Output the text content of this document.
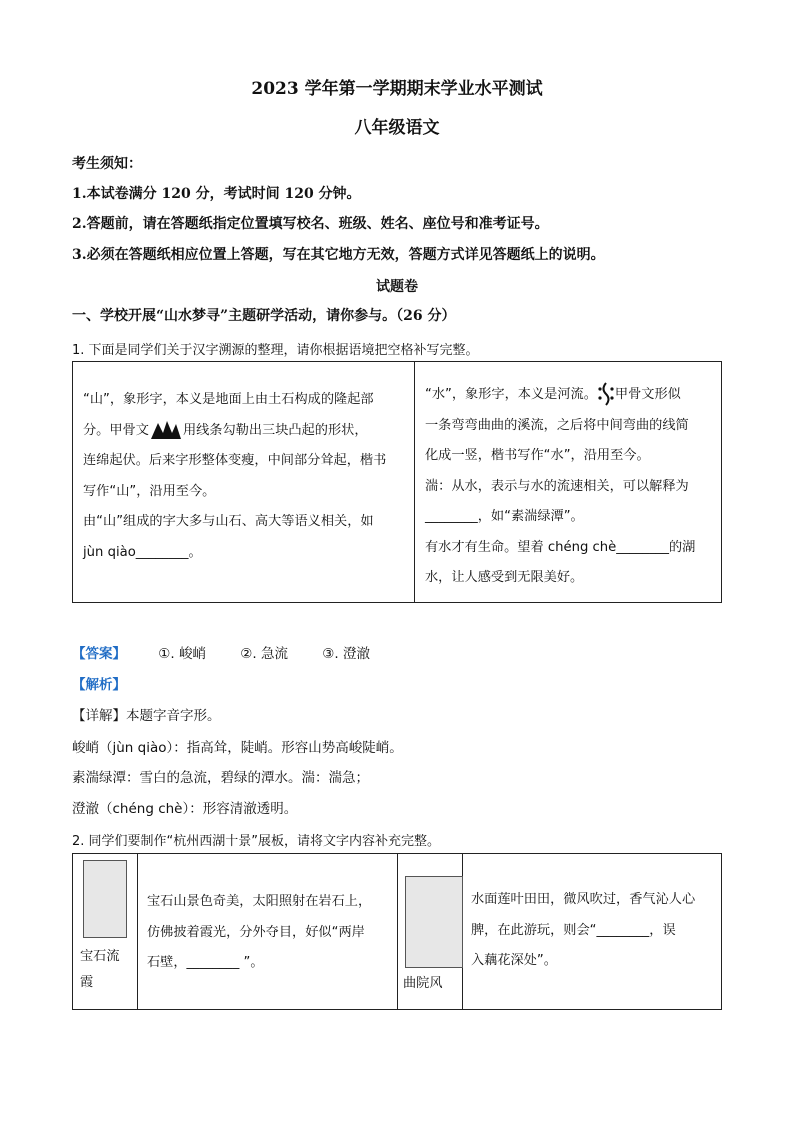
2023 学年第一学期期末学业水平测试
八年级语文
考生须知：
1.本试卷满分 120 分，考试时间 120 分钟。
2.答题前，请在答题纸指定位置填写校名、班级、姓名、座位号和准考证号。
3.必须在答题纸相应位置上答题，写在其它地方无效，答题方式详见答题纸上的说明。
试题卷
一、学校开展“山水梦寻”主题研学活动，请你参与。（26 分）
1. 下面是同学们关于汉字溯源的整理，请你根据语境把空格补写完整。
“山”，象形字，本义是地面上由土石构成的隆起部
分。甲骨文	用线条勾勒出三块凸起的形状，
连绵起伏。后来字形整体变瘦，中间部分耸起，楷书
写作“山”，沿用至今。
由“山”组成的字大多与山石、高大等语义相关，如
jùn qiào________。
“水”，象形字，本义是河流。 甲骨文形似
一条弯弯曲曲的溪流，之后将中间弯曲的线简
化成一竖，楷书写作“水”，沿用至今。
湍：从水，表示与水的流速相关，可以解释为
________，如“素湍绿潭”。
有水才有生命。望着 chéng chè________的湖
水，让人感受到无限美好。
【答案】 ①. 峻峭	②. 急流	③. 澄澈
【解析】
【详解】本题字音字形。
峻峭（jùn qiào）：指高耸，陡峭。形容山势高峻陡峭。
素湍绿潭：雪白的急流，碧绿的潭水。湍：湍急；
澄澈（chéng chè）：形容清澈透明。
2. 同学们要制作“杭州西湖十景”展板，请将文字内容补充完整。
宝石流
霞
宝石山景色奇美，太阳照射在岩石上，
仿佛披着霞光，分外夺目，好似“两岸
石壁，________ ”。
曲院风
水面莲叶田田，微风吹过，香气沁人心
脾，在此游玩，则会“________，误
入藕花深处”。
